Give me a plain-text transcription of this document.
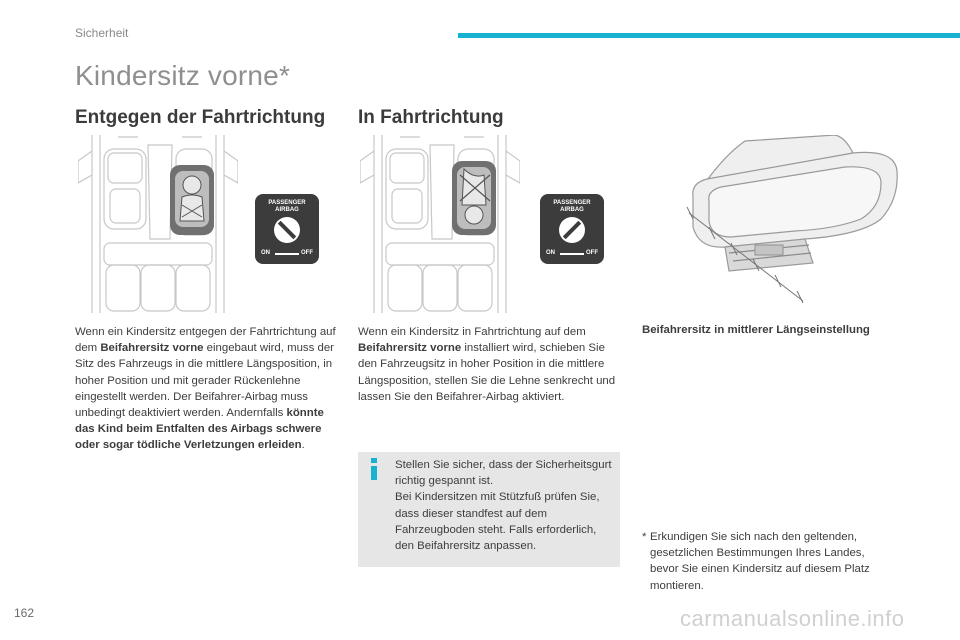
Sicherheit
Kindersitz vorne*
Entgegen der Fahrtrichtung In Fahrtrichtung
PASSENGER
AIRBAG
ON	OFF
PASSENGER
AIRBAG
ON	OFF
Wenn ein Kindersitz entgegen der Fahrtrichtung auf dem Beifahrersitz vorne eingebaut wird, muss der Sitz des Fahrzeugs in die mittlere Längsposition, in hoher Position und mit gerader Rückenlehne eingestellt werden. Der Beifahrer-Airbag muss unbedingt deaktiviert werden. Andernfalls könnte das Kind beim Entfalten des Airbags schwere oder sogar tödliche Verletzungen erleiden.
Wenn ein Kindersitz in Fahrtrichtung auf dem Beifahrersitz vorne installiert wird, schieben Sie den Fahrzeugsitz in hoher Position in die mittlere Längsposition, stellen Sie die Lehne senkrecht und lassen Sie den Beifahrer-Airbag aktiviert.
Beifahrersitz in mittlerer Längseinstellung
Stellen Sie sicher, dass der Sicherheitsgurt richtig gespannt ist.
Bei Kindersitzen mit Stützfuß prüfen Sie, dass dieser standfest auf dem Fahrzeugboden steht. Falls erforderlich, den Beifahrersitz anpassen.
* Erkundigen Sie sich nach den geltenden, gesetzlichen Bestimmungen Ihres Landes, bevor Sie einen Kindersitz auf diesem Platz montieren.
162	carmanualsonline.info
